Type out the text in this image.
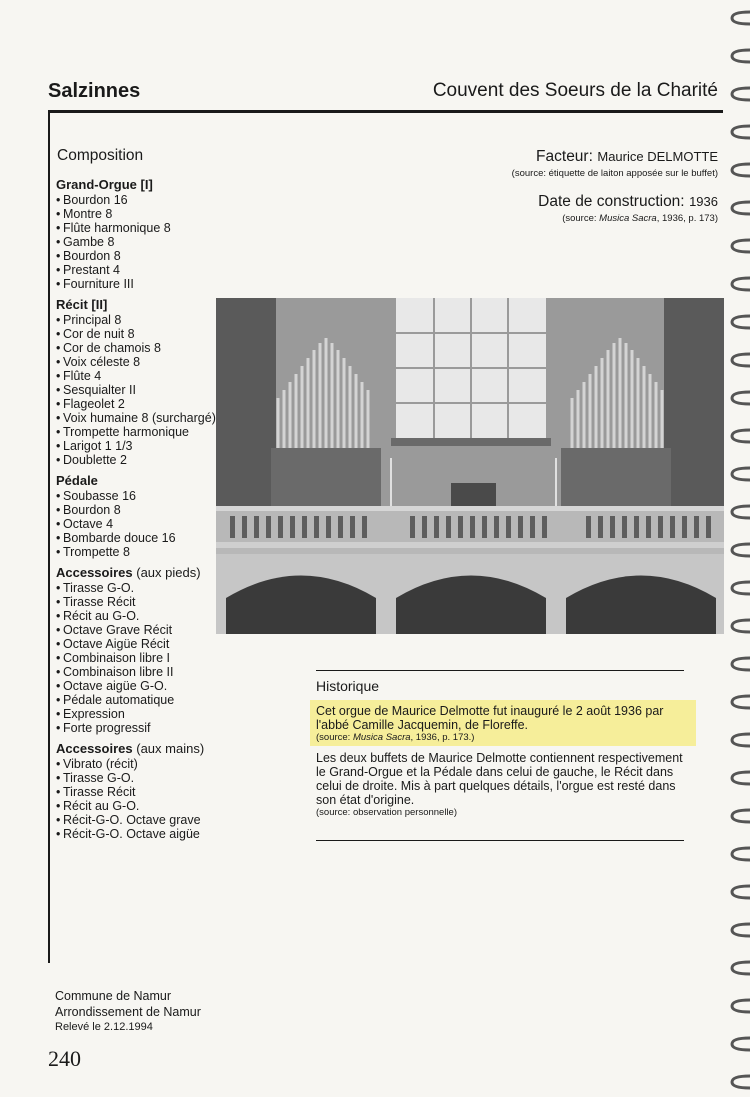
Salzinnes	Couvent des Soeurs de la Charité
Composition
Grand-Orgue [I]
• Bourdon 16
• Montre 8
• Flûte harmonique 8
• Gambe 8
• Bourdon 8
• Prestant 4
• Fourniture III
Récit [II]
• Principal 8
• Cor de nuit 8
• Cor de chamois 8
• Voix céleste 8
• Flûte 4
• Sesquialter II
• Flageolet 2
• Voix humaine 8 (surchargé)
• Trompette harmonique
• Larigot 1 1/3
• Doublette 2
Pédale
• Soubasse 16
• Bourdon 8
• Octave 4
• Bombarde douce 16
• Trompette 8
Accessoires (aux pieds)
• Tirasse G-O.
• Tirasse Récit
• Récit au G-O.
• Octave Grave Récit
• Octave Aigüe Récit
• Combinaison libre I
• Combinaison libre II
• Octave aigüe G-O.
• Pédale automatique
• Expression
• Forte progressif
Accessoires (aux mains)
• Vibrato (récit)
• Tirasse G-O.
• Tirasse Récit
• Récit au G-O.
• Récit-G-O. Octave grave
• Récit-G-O. Octave aigüe
Facteur: Maurice DELMOTTE
(source: étiquette de laiton apposée sur le buffet)
Date de construction: 1936
(source: Musica Sacra, 1936, p. 173)
Historique
Cet orgue de Maurice Delmotte fut inauguré le 2 août 1936 par l'abbé Camille Jacquemin, de Floreffe.
(source: Musica Sacra, 1936, p. 173.)
Les deux buffets de Maurice Delmotte contiennent respectivement le Grand-Orgue et la Pédale dans celui de gauche, le Récit dans celui de droite. Mis à part quelques détails, l'orgue est resté dans son état d'origine.
(source: observation personnelle)
Commune de Namur
Arrondissement de Namur
Relevé le 2.12.1994
240
